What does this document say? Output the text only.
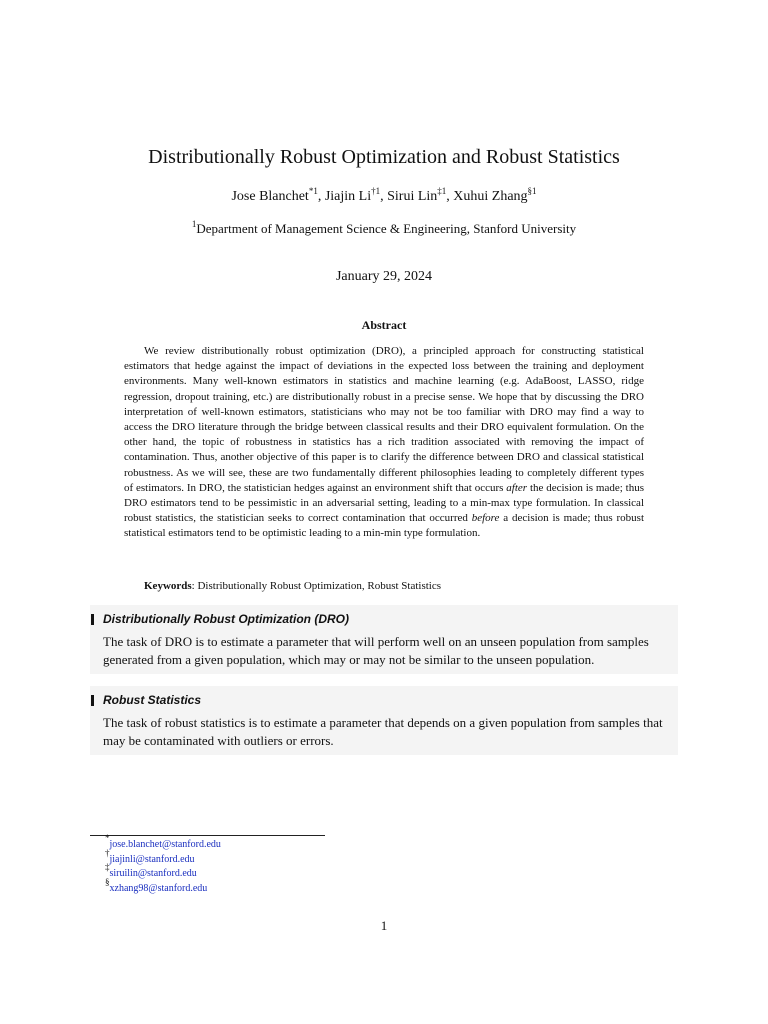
Distributionally Robust Optimization and Robust Statistics
Jose Blanchet$^{*1}$, Jiajin Li$^{\dagger 1}$, Sirui Lin$^{\ddagger 1}$, Xuhui Zhang$^{\S 1}$
$^1$Department of Management Science & Engineering, Stanford University
January 29, 2024
Abstract

We review distributionally robust optimization (DRO), a principled approach for constructing statistical estimators that hedge against the impact of deviations in the expected loss between the training and deployment environments. Many well-known estimators in statistics and machine learning (e.g. AdaBoost, LASSO, ridge regression, dropout training, etc.) are distributionally robust in a precise sense. We hope that by discussing the DRO interpretation of well-known estimators, statisticians who may not be too familiar with DRO may find a way to access the DRO literature through the bridge between classical results and their DRO equivalent formulation. On the other hand, the topic of robustness in statistics has a rich tradition associated with removing the impact of contamination. Thus, another objective of this paper is to clarify the difference between DRO and classical statistical robustness. As we will see, these are two fundamentally different philosophies leading to completely different types of estimators. In DRO, the statistician hedges against an environment shift that occurs after the decision is made; thus DRO estimators tend to be pessimistic in an adversarial setting, leading to a min-max type formulation. In classical robust statistics, the statistician seeks to correct contamination that occurred before a decision is made; thus robust statistical estimators tend to be optimistic leading to a min-min type formulation.

Keywords: Distributionally Robust Optimization, Robust Statistics
Distributionally Robust Optimization (DRO)
The task of DRO is to estimate a parameter that will perform well on an unseen population from samples generated from a given population, which may or may not be similar to the unseen population.
Robust Statistics
The task of robust statistics is to estimate a parameter that depends on a given population from samples that may be contaminated with outliers or errors.
*jose.blanchet@stanford.edu
†jiajinli@stanford.edu
‡siruilin@stanford.edu
§xzhang98@stanford.edu
1
